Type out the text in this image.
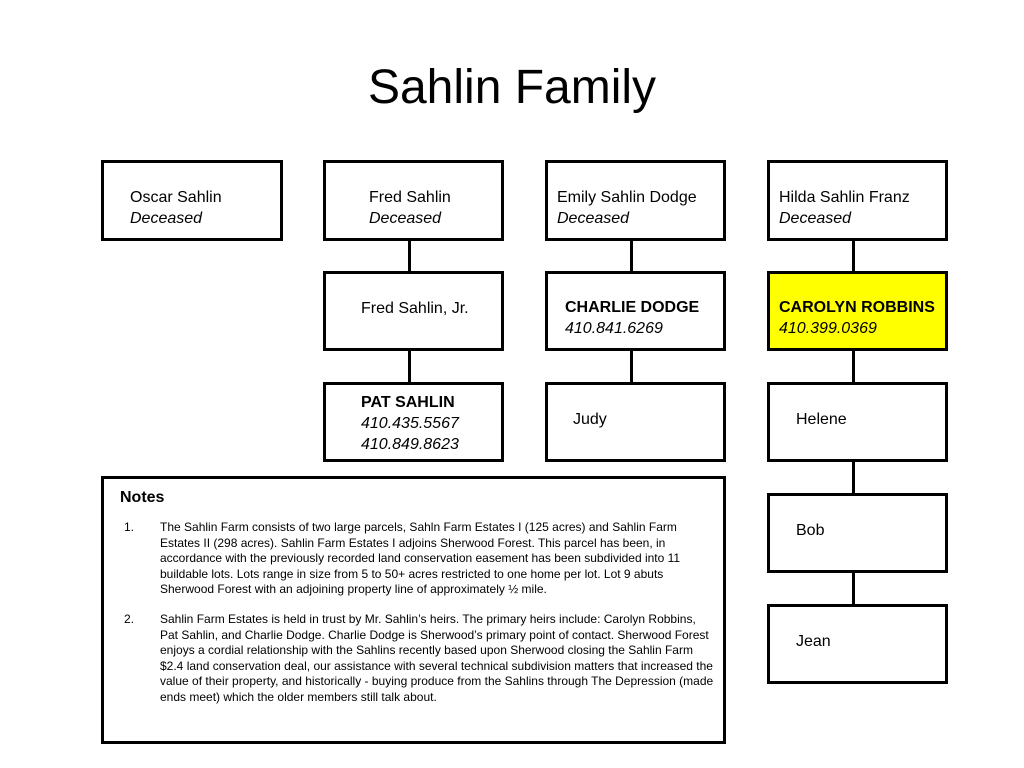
Sahlin Family
Oscar Sahlin
Deceased
Fred Sahlin
Deceased
Emily Sahlin Dodge
Deceased
Hilda Sahlin Franz
Deceased
Fred Sahlin, Jr.	CHARLIE DODGE
410.841.6269
CAROLYN ROBBINS
410.399.0369
PAT SAHLIN
410.435.5567
410.849.8623
Judy	Helene
Bob
Jean
Notes
1. The Sahlin Farm consists of two large parcels, Sahln Farm Estates I (125 acres) and Sahlin Farm Estates II (298 acres). Sahlin Farm Estates I adjoins Sherwood Forest. This parcel has been, in accordance with the previously recorded land conservation easement has been subdivided into 11 buildable lots. Lots range in size from 5 to 50+ acres restricted to one home per lot. Lot 9 abuts Sherwood Forest with an adjoining property line of approximately ½ mile.
2. Sahlin Farm Estates is held in trust by Mr. Sahlin’s heirs. The primary heirs include: Carolyn Robbins, Pat Sahlin, and Charlie Dodge. Charlie Dodge is Sherwood’s primary point of contact. Sherwood Forest enjoys a cordial relationship with the Sahlins recently based upon Sherwood closing the Sahlin Farm $2.4 land conservation deal, our assistance with several technical subdivision matters that increased the value of their property, and historically - buying produce from the Sahlins through The Depression (made ends meet) which the older members still talk about.
